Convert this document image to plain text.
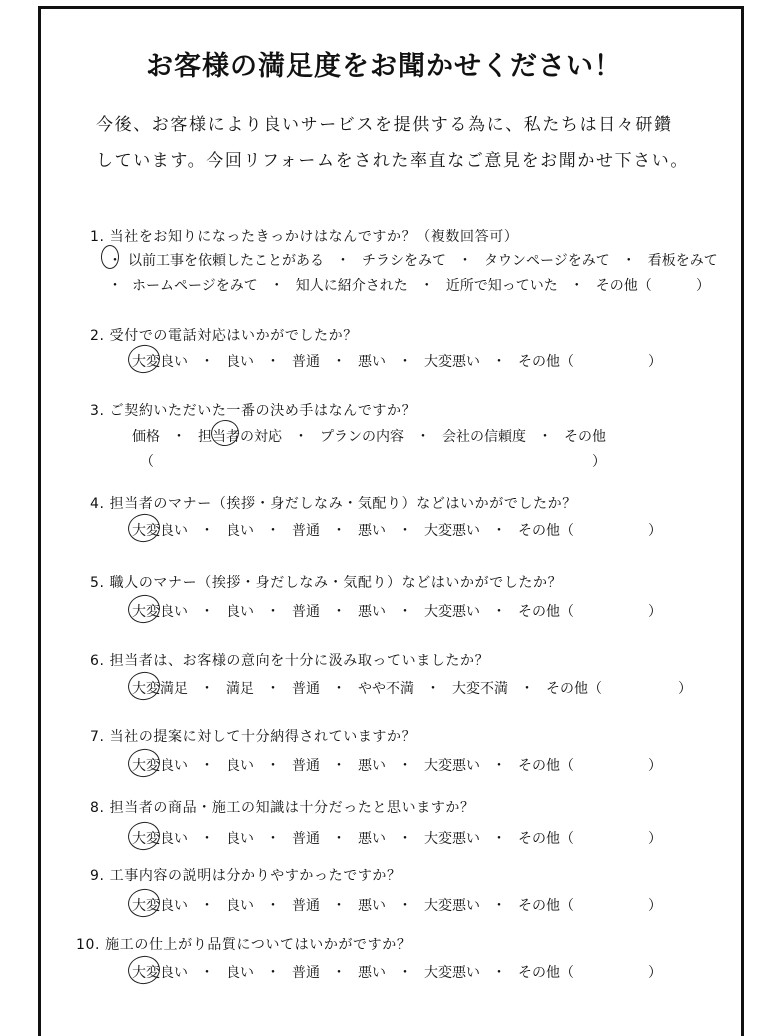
お客様の満足度をお聞かせください！
今後、お客様により良いサービスを提供する為に、私たちは日々研鑽
しています。今回リフォームをされた率直なご意見をお聞かせ下さい。
1. 当社をお知りになったきっかけはなんですか？（複数回答可）
・ 以前工事を依頼したことがある ・ チラシをみて ・ タウンページをみて ・ 看板をみて
・ ホームページをみて ・ 知人に紹介された ・ 近所で知っていた ・ その他（	）
2. 受付での電話対応はいかがでしたか？
大変良い ・ 良い ・ 普通 ・ 悪い ・ 大変悪い ・ その他（	）
3. ご契約いただいた一番の決め手はなんですか？
価格 ・ 担当者の対応 ・ プランの内容 ・ 会社の信頼度 ・ その他
（	）
4. 担当者のマナー（挨拶・身だしなみ・気配り）などはいかがでしたか？
大変良い ・ 良い ・ 普通 ・ 悪い ・ 大変悪い ・ その他（	）
5. 職人のマナー（挨拶・身だしなみ・気配り）などはいかがでしたか？
大変良い ・ 良い ・ 普通 ・ 悪い ・ 大変悪い ・ その他（	）
6. 担当者は、お客様の意向を十分に汲み取っていましたか？
大変満足 ・ 満足 ・ 普通 ・ やや不満 ・ 大変不満 ・ その他（	）
7. 当社の提案に対して十分納得されていますか？
大変良い ・ 良い ・ 普通 ・ 悪い ・ 大変悪い ・ その他（	）
8. 担当者の商品・施工の知識は十分だったと思いますか？
大変良い ・ 良い ・ 普通 ・ 悪い ・ 大変悪い ・ その他（	）
9. 工事内容の説明は分かりやすかったですか？
大変良い ・ 良い ・ 普通 ・ 悪い ・ 大変悪い ・ その他（	）
10. 施工の仕上がり品質についてはいかがですか？
大変良い ・ 良い ・ 普通 ・ 悪い ・ 大変悪い ・ その他（	）
